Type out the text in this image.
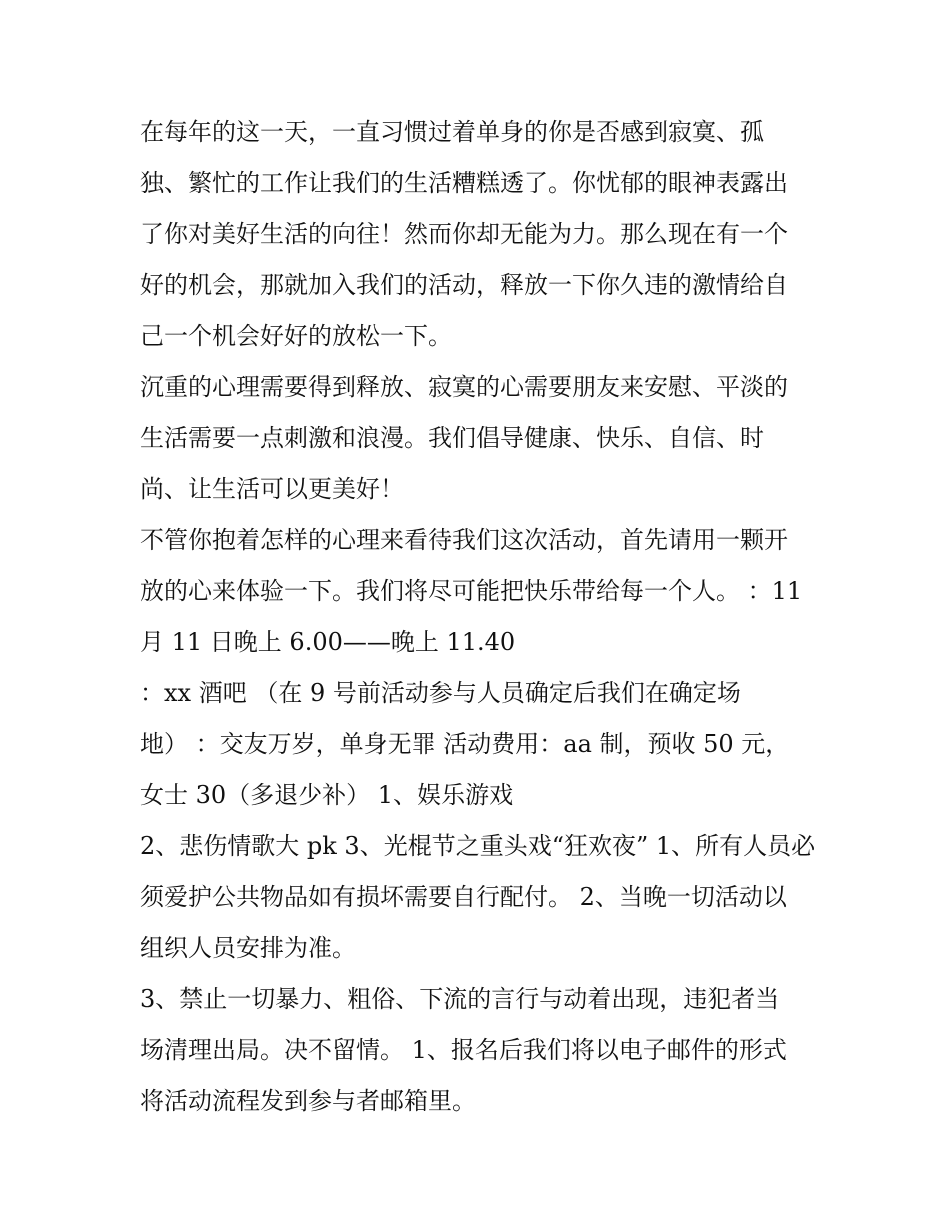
在每年的这一天，一直习惯过着单身的你是否感到寂寞、孤
独、繁忙的工作让我们的生活糟糕透了。你忧郁的眼神表露出
了你对美好生活的向往！然而你却无能为力。那么现在有一个
好的机会，那就加入我们的活动，释放一下你久违的激情给自
己一个机会好好的放松一下。
沉重的心理需要得到释放、寂寞的心需要朋友来安慰、平淡的
生活需要一点刺激和浪漫。我们倡导健康、快乐、自信、时
尚、让生活可以更美好！
不管你抱着怎样的心理来看待我们这次活动，首先请用一颗开
放的心来体验一下。我们将尽可能把快乐带给每一个人。 ：11
月 11 日晚上 6.00——晚上 11.40
：xx 酒吧 （在 9 号前活动参与人员确定后我们在确定场
地） ：交友万岁，单身无罪 活动费用：aa 制，预收 50 元，
女士 30（多退少补） 1、娱乐游戏
2、悲伤情歌大 pk 3、光棍节之重头戏“狂欢夜” 1、所有人员必
须爱护公共物品如有损坏需要自行配付。 2、当晚一切活动以
组织人员安排为准。
3、禁止一切暴力、粗俗、下流的言行与动着出现，违犯者当
场清理出局。决不留情。 1、报名后我们将以电子邮件的形式
将活动流程发到参与者邮箱里。
